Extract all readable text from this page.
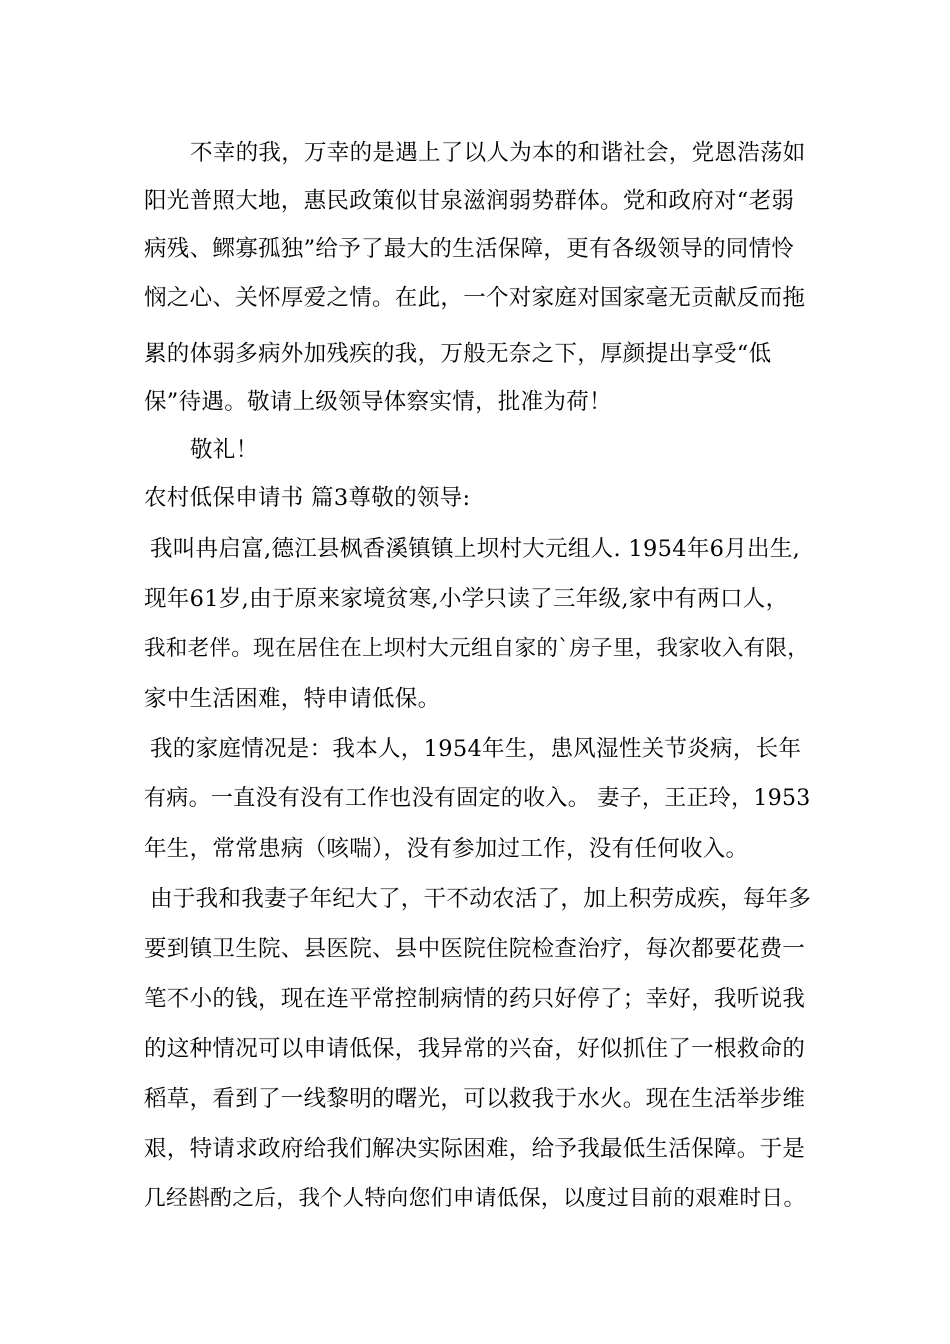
不幸的我，万幸的是遇上了以人为本的和谐社会，党恩浩荡如
阳光普照大地，惠民政策似甘泉滋润弱势群体。党和政府对“老弱
病残、鳏寡孤独”给予了最大的生活保障，更有各级领导的同情怜
悯之心、关怀厚爱之情。在此，一个对家庭对国家毫无贡献反而拖
累的体弱多病外加残疾的我，万般无奈之下，厚颜提出享受“低
保”待遇。敬请上级领导体察实情，批准为荷！
敬礼！
农村低保申请书 篇3尊敬的领导:
我叫冉启富,德江县枫香溪镇镇上坝村大元组人. 1954年6月出生,
现年61岁,由于原来家境贫寒,小学只读了三年级,家中有两口人，
我和老伴。现在居住在上坝村大元组自家的`房子里，我家收入有限，
家中生活困难，特申请低保。
我的家庭情况是：我本人，1954年生，患风湿性关节炎病，长年
有病。一直没有没有工作也没有固定的收入。 妻子，王正玲，1953
年生，常常患病（咳喘），没有参加过工作，没有任何收入。
由于我和我妻子年纪大了，干不动农活了，加上积劳成疾，每年多
要到镇卫生院、县医院、县中医院住院检查治疗，每次都要花费一
笔不小的钱，现在连平常控制病情的药只好停了；幸好，我听说我
的这种情况可以申请低保，我异常的兴奋，好似抓住了一根救命的
稻草，看到了一线黎明的曙光，可以救我于水火。现在生活举步维
艰，特请求政府给我们解决实际困难，给予我最低生活保障。于是
几经斟酌之后，我个人特向您们申请低保，以度过目前的艰难时日。
